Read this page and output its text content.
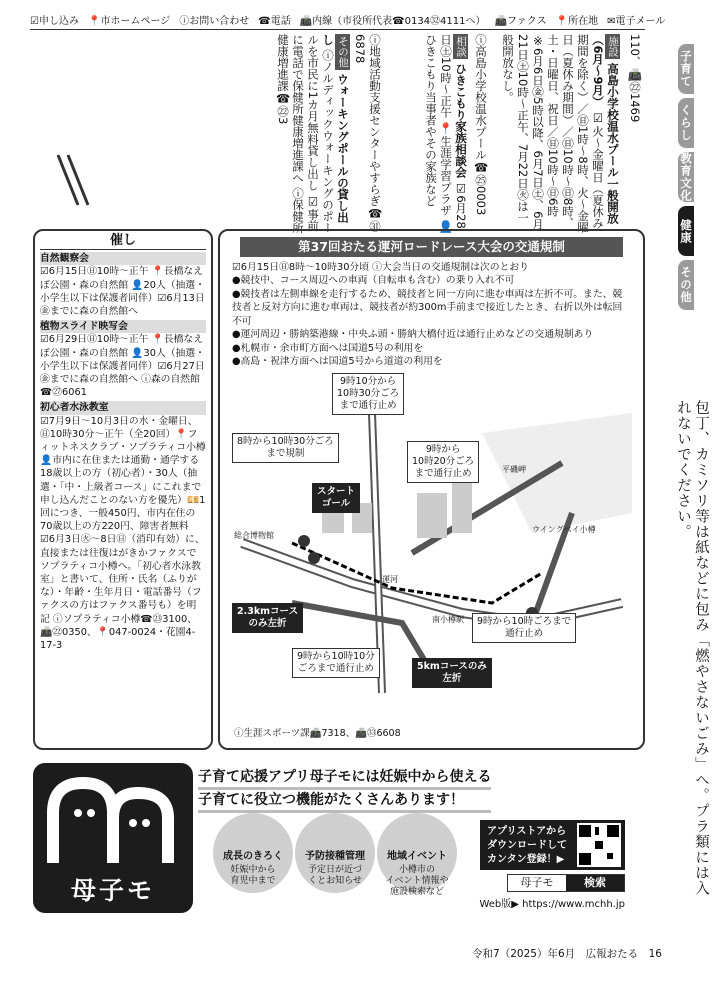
☑申し込み 📍市ホームページ ⓘお問い合わせ ☎電話 📠内線（市役所代表☎0134㉜4111へ） 📠ファクス 📍所在地 ✉電子メール
110、📠㉒1469
施設 高島小学校温水プール一般開放（6月〜9月） ☑火〜金曜日（夏休み期間を除く）／㊐1時〜8時、火〜金曜日（夏休み期間）／㊐10時〜㊐8時、土・日曜日、祝日／㊐10時〜㊐6時 ※6月6日㊎5時以降、6月7日㊏、6月21日㊏10時〜正午、7月22日㊋は一般開放なし。
ⓘ高島小学校温水プール☎㉕0003
相談 ひきこもり家族相談会 ☑6月28日㊏10時〜正午 📍生涯学習プラザ 👤ひきこもり当事者やその家族など
ⓘ地域活動支援センターやすらぎ☎㉛6878
その他 ウォーキングポールの貸し出し ⓘノルディックウォーキングのポールを市民に1カ月無料貸し出し ☑事前に電話で保健所健康増進課へ ⓘ保健所健康増進課☎㉒3	子育て
くらし
教育文化
健康
その他
包丁、カミソリ等は紙などに包み「燃やさないごみ」へ。プラ類には入れないでください。
催し
自然観察会
☑6月15日㊐10時〜正午 📍長橋なえぼ公園・森の自然館 👤20人（抽選・小学生以下は保護者同伴）☑6月13日㊎までに森の自然館へ
植物スライド映写会
☑6月29日㊐10時〜正午 📍長橋なえぼ公園・森の自然館 👤30人（抽選・小学生以下は保護者同伴）☑6月27日㊎までに森の自然館へ ⓘ森の自然館☎㉗6061
初心者水泳教室
☑7月9日〜10月3日の水・金曜日、㊐10時30分〜正午（全20回）📍フィットネスクラブ・ソプラティコ小樽 👤市内に在住または通勤・通学する18歳以上の方（初心者）・30人（抽選・「中・上級者コース」にこれまで申し込んだことのない方を優先）💴1回につき、一般450円、市内在住の70歳以上の方220円、障害者無料 ☑6月3日㊋〜8日㊐（消印有効）に、直接または往復はがきかファクスでソプラティコ小樽へ。「初心者水泳教室」と書いて、住所・氏名（ふりがな）・年齢・生年月日・電話番号（ファクスの方はファクス番号も）を明記 ⓘソプラティコ小樽☎㉓3100、📠㉒0350、📍047-0024・花園4-17-3
第37回おたる運河ロードレース大会の交通規制

☑6月15日㊐8時〜10時30分頃 ⓘ大会当日の交通規制は次のとおり

●競技中、コース周辺への車両（自転車も含む）の乗り入れ不可

●競技者は左側車線を走行するため、競技者と同一方向に進む車両は左折不可。また、競技者と反対方向に進む車両は、競技者が約300m手前まで接近したとき、右折以外は転回不可

●運河周辺・勝納築港線・中央ふ頭・勝納大橋付近は通行止めなどの交通規制あり

●札幌市・余市町方面へは国道5号の利用を

●高島・祝津方面へは国道5号から道道の利用を

9時10分から
10時30分ごろ
まで通行止め
8時から10時30分ごろ
まで規制	9時から
10時20分ごろ
まで通行止め
スタート
ゴール
2.3kmコース
のみ左折	9時から10時ごろまで
通行止め
9時から10時10分
ごろまで通行止め	5kmコースのみ
左折
総合博物館
運河
平磯岬
ウイングベイ小樽
南小樽駅
ⓘ生涯スポーツ課📠7318、📠㉝6608
母子モ
子育て応援アプリ母子モには妊娠中から使える
子育てに役立つ機能がたくさんあります！
成長のきろく
妊娠中から
育児中まで
予防接種管理
予定日が近づ
くとお知らせ
地域イベント
小樽市の
イベント情報や
施設検索など
アプリストアから
ダウンロードして
カンタン登録！▶
母子モ	検索
Web版▶ https://www.mchh.jp
令和7（2025）年6月　広報おたる　16
